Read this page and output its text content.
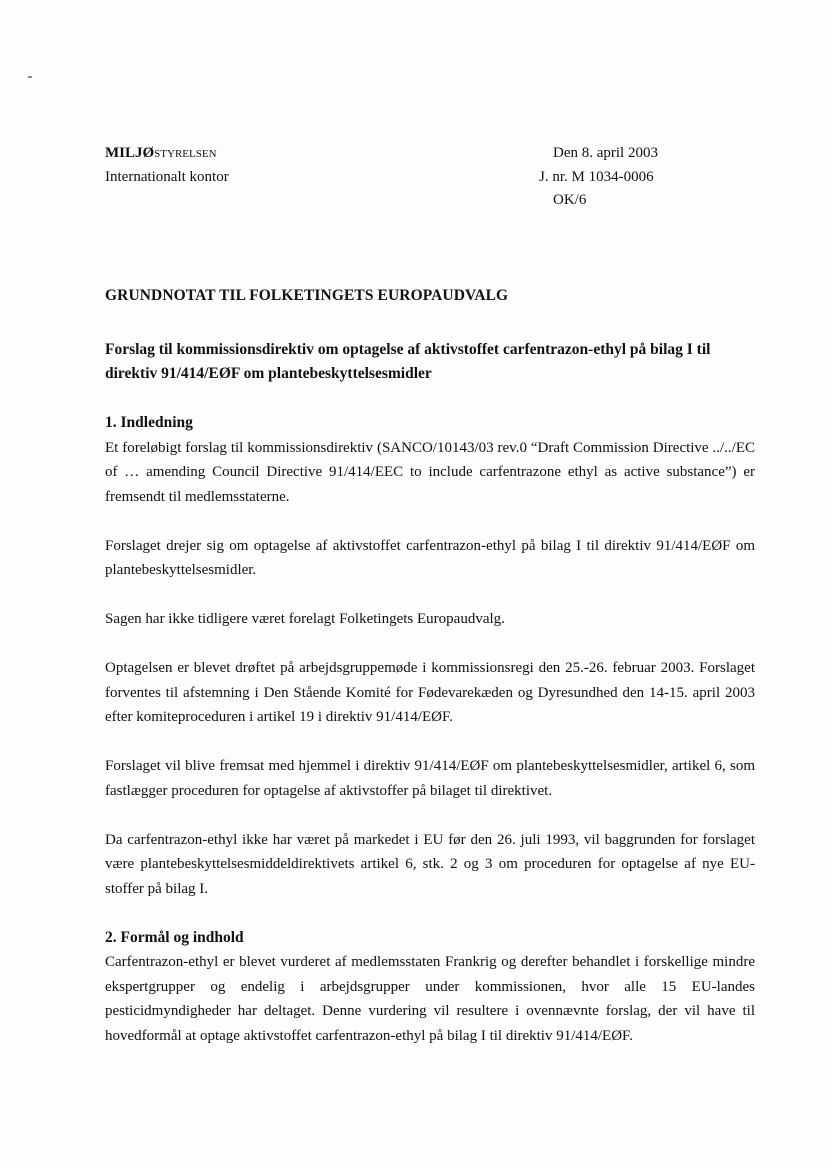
MILJØstyrelsen
Internationalt kontor
Den 8. april 2003
J. nr. M 1034-0006
OK/6
GRUNDNOTAT TIL FOLKETINGETS EUROPAUDVALG
Forslag til kommissionsdirektiv om optagelse af aktivstoffet carfentrazon-ethyl på bilag I til direktiv 91/414/EØF om plantebeskyttelsesmidler
1. Indledning

Et foreløbigt forslag til kommissionsdirektiv (SANCO/10143/03 rev.0 “Draft Commission Directive ../../EC of … amending Council Directive 91/414/EEC to include carfentrazone ethyl as active substance”) er fremsendt til medlemsstaterne.

Forslaget drejer sig om optagelse af aktivstoffet carfentrazon-ethyl på bilag I til direktiv 91/414/EØF om plantebeskyttelsesmidler.

Sagen har ikke tidligere været forelagt Folketingets Europaudvalg.

Optagelsen er blevet drøftet på arbejdsgruppemøde i kommissionsregi den 25.-26. februar 2003. Forslaget forventes til afstemning i Den Stående Komité for Fødevarekæden og Dyresundhed den 14-15. april 2003 efter komiteproceduren i artikel 19 i direktiv 91/414/EØF.

Forslaget vil blive fremsat med hjemmel i direktiv 91/414/EØF om plantebeskyttelsesmidler, artikel 6, som fastlægger proceduren for optagelse af aktivstoffer på bilaget til direktivet.

Da carfentrazon-ethyl ikke har været på markedet i EU før den 26. juli 1993, vil baggrunden for forslaget være plantebeskyttelsesmiddeldirektivets artikel 6, stk. 2 og 3 om proceduren for optagelse af nye EU-stoffer på bilag I.

2. Formål og indhold

Carfentrazon-ethyl er blevet vurderet af medlemsstaten Frankrig og derefter behandlet i forskellige mindre ekspertgrupper og endelig i arbejdsgrupper under kommissionen, hvor alle 15 EU-landes pesticidmyndigheder har deltaget. Denne vurdering vil resultere i ovennævnte forslag, der vil have til hovedformål at optage aktivstoffet carfentrazon-ethyl på bilag I til direktiv 91/414/EØF.
